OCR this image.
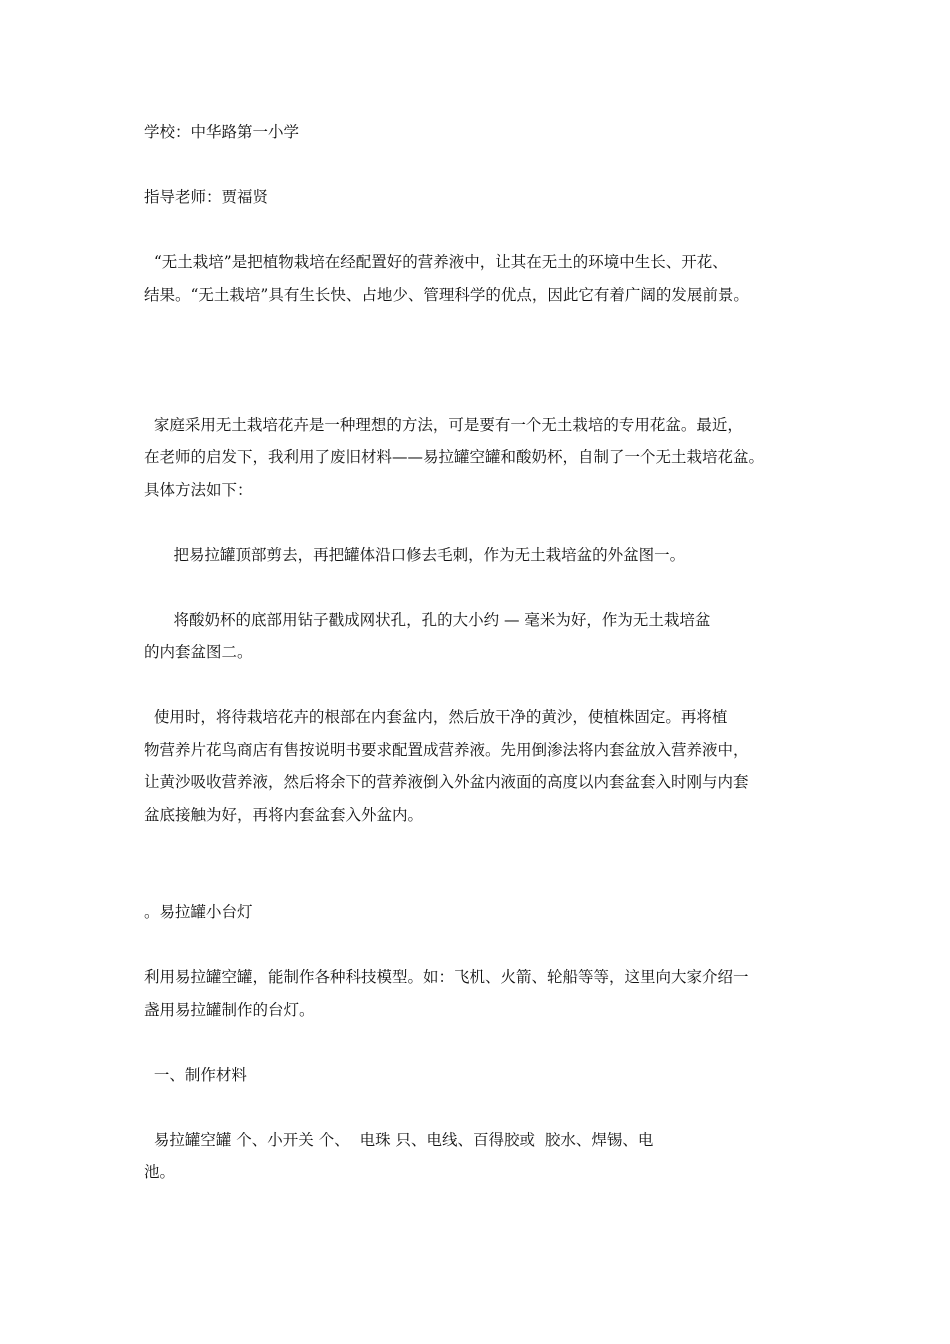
学校：中华路第一小学
指导老师：贾福贤
“无土栽培”是把植物栽培在经配置好的营养液中，让其在无土的环境中生长、开花、
结果。“无土栽培”具有生长快、占地少、管理科学的优点，因此它有着广阔的发展前景。

家庭采用无土栽培花卉是一种理想的方法，可是要有一个无土栽培的专用花盆。最近，
在老师的启发下，我利用了废旧材料——易拉罐空罐和酸奶杯，自制了一个无土栽培花盆。
具体方法如下：
把易拉罐顶部剪去，再把罐体沿口修去毛刺，作为无土栽培盆的外盆图一。
将酸奶杯的底部用钻子戳成网状孔，孔的大小约 — 毫米为好，作为无土栽培盆
的内套盆图二。
使用时，将待栽培花卉的根部在内套盆内，然后放干净的黄沙，使植株固定。再将植
物营养片花鸟商店有售按说明书要求配置成营养液。先用倒渗法将内套盆放入营养液中，
让黄沙吸收营养液，然后将余下的营养液倒入外盆内液面的高度以内套盆套入时刚与内套
盆底接触为好，再将内套盆套入外盆内。
。易拉罐小台灯
利用易拉罐空罐，能制作各种科技模型。如：飞机、火箭、轮船等等，这里向大家介绍一
盏用易拉罐制作的台灯。
一、制作材料
易拉罐空罐 个、小开关 个、  电珠 只、电线、百得胶或  胶水、焊锡、电
池。
